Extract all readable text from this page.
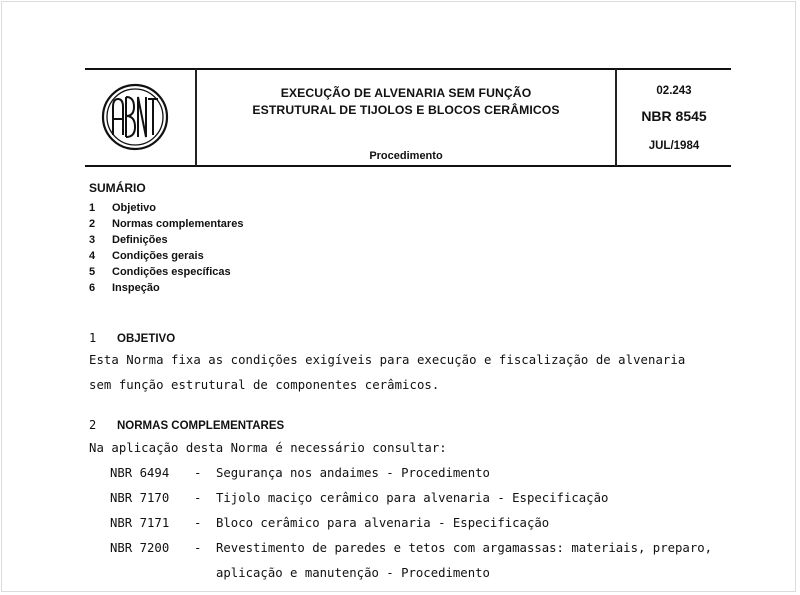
EXECUÇÃO DE ALVENARIA SEM FUNÇÃO
ESTRUTURAL DE TIJOLOS E BLOCOS CERÂMICOS
Procedimento
02.243
NBR 8545
JUL/1984
SUMÁRIO
1	Objetivo
2	Normas complementares
3	Definições
4	Condições gerais
5	Condições específicas
6	Inspeção
1	OBJETIVO
Esta Norma fixa as condições exigíveis para execução e fiscalização de alvenaria
sem função estrutural de componentes cerâmicos.
2	NORMAS COMPLEMENTARES
Na aplicação desta Norma é necessário consultar:
NBR 6494	-	Segurança nos andaimes - Procedimento
NBR 7170	-	Tijolo maciço cerâmico para alvenaria - Especificação
NBR 7171	-	Bloco cerâmico para alvenaria - Especificação
NBR 7200	-	Revestimento de paredes e tetos com argamassas: materiais, preparo,
aplicação e manutenção - Procedimento
